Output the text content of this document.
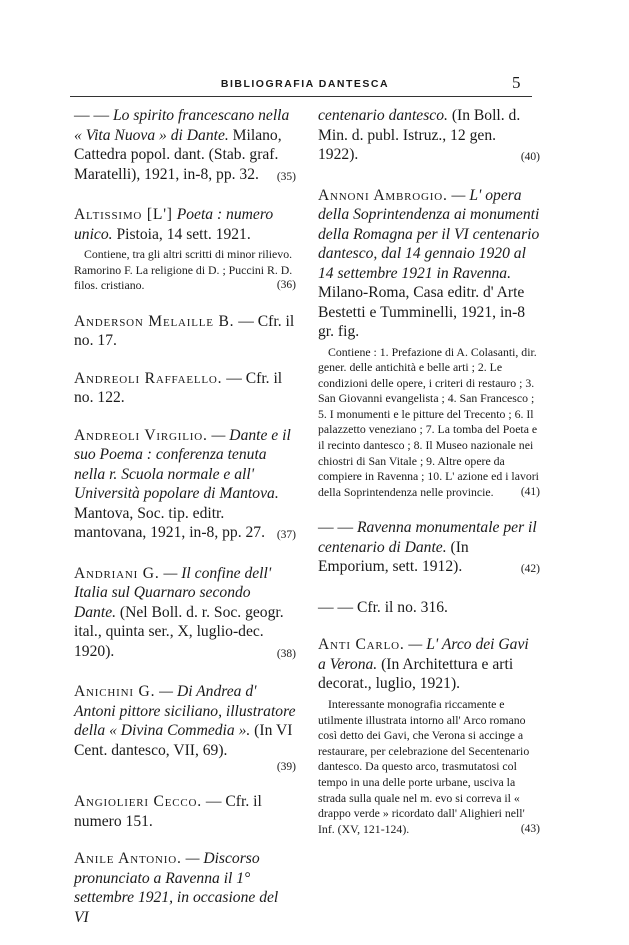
BIBLIOGRAFIA DANTESCA	5
— — Lo spirito francescano nella « Vita Nuova » di Dante. Milano, Cattedra popol. dant. (Stab. graf. Maratelli), 1921, in-8, pp. 32. (35)
Altissimo [L'] Poeta : numero unico. Pistoia, 14 sett. 1921.
Contiene, tra gli altri scritti di minor rilievo. Ramorino F. La religione di D. ; Puccini R. D. filos. cristiano.	(36)
Anderson Melaille B. — Cfr. il no. 17.
Andreoli Raffaello. — Cfr. il no. 122.
Andreoli Virgilio. — Dante e il suo Poema : conferenza tenuta nella r. Scuola normale e all' Università popolare di Mantova. Mantova, Soc. tip. editr. mantovana, 1921, in-8, pp. 27. (37)
Andriani G. — Il confine dell' Italia sul Quarnaro secondo Dante. (Nel Boll. d. r. Soc. geogr. ital., quinta ser., X, luglio-dec. 1920).	(38)
Anichini G. — Di Andrea d' Antoni pittore siciliano, illustratore della « Divina Commedia ». (In VI Cent. dantesco, VII, 69).
(39)
Angiolieri Cecco. — Cfr. il numero 151.
Anile Antonio. — Discorso pronunciato a Ravenna il 1° settembre 1921, in occasione del VI
centenario dantesco. (In Boll. d. Min. d. publ. Istruz., 12 gen. 1922).	(40)
Annoni Ambrogio. — L' opera della Soprintendenza ai monumenti della Romagna per il VI centenario dantesco, dal 14 gennaio 1920 al 14 settembre 1921 in Ravenna. Milano-Roma, Casa editr. d' Arte Bestetti e Tumminelli, 1921, in-8 gr. fig.
Contiene : 1. Prefazione di A. Colasanti, dir. gener. delle antichità e belle arti ; 2. Le condizioni delle opere, i criteri di restauro ; 3. San Giovanni evangelista ; 4. San Francesco ; 5. I monumenti e le pitture del Trecento ; 6. Il palazzetto veneziano ; 7. La tomba del Poeta e il recinto dantesco ; 8. Il Museo nazionale nei chiostri di San Vitale ; 9. Altre opere da compiere in Ravenna ; 10. L' azione ed i lavori della Soprintendenza nelle provincie.	(41)
— — Ravenna monumentale per il centenario di Dante. (In Emporium, sett. 1912).	(42)
— — Cfr. il no. 316.
Anti Carlo. — L' Arco dei Gavi a Verona. (In Architettura e arti decorat., luglio, 1921).
Interessante monografia riccamente e utilmente illustrata intorno all' Arco romano così detto dei Gavi, che Verona si accinge a restaurare, per celebrazione del Secentenario dantesco. Da questo arco, trasmutatosi col tempo in una delle porte urbane, usciva la strada sulla quale nel m. evo si correva il « drappo verde » ricordato dall' Alighieri nell' Inf. (XV, 121-124).	(43)
